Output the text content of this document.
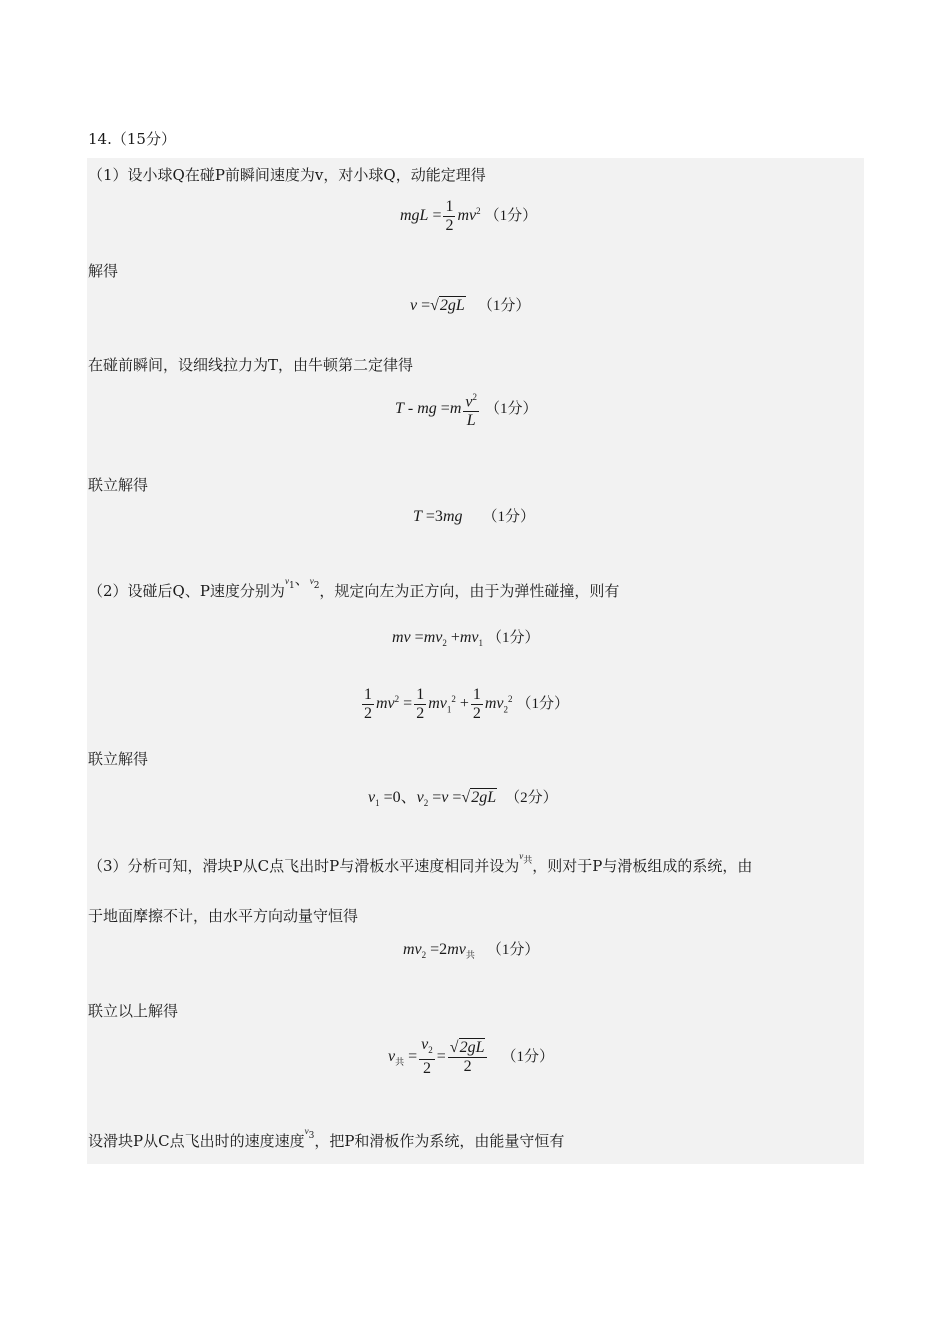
14.（15分）
（1）设小球Q在碰P前瞬间速度为v，对小球Q，动能定理得
mgL = $\frac{1}{2} mv^2$ （1分）
解得
v =√2gL （1分）
在碰前瞬间，设细线拉力为T，由牛顿第二定律得
T - mg $=m \frac{v^2}{L} (1$分）
联立解得
T =3mg （1分）
（2）设碰后Q、P速度分别为$v_1$、$v_2$，规定向左为正方向，由于为弹性碰撞，则有
mv $=mv_2 +mv_1$ （1分）
$\frac{1}{2} mv^2 = \frac{1}{2} mv_1^2 + \frac{1}{2} mv_2^2$ （1分）
联立解得
$v_1 =0$、$v_2 =v =√2gL$ （2分）
（3）分析可知，滑块P从C点飞出时P与滑板水平速度相同并设为$v_共$，则对于P与滑板组成的系统，由
于地面摩擦不计，由水平方向动量守恒得
$mv_2 =2mv_共$ （1分）
联立以上解得
$v_共 = \frac{v_2}{2} = \frac{√2gL}{2} (1$分）
设滑块P从C点飞出时的速度速度$v_3$，把P和滑板作为系统，由能量守恒有
